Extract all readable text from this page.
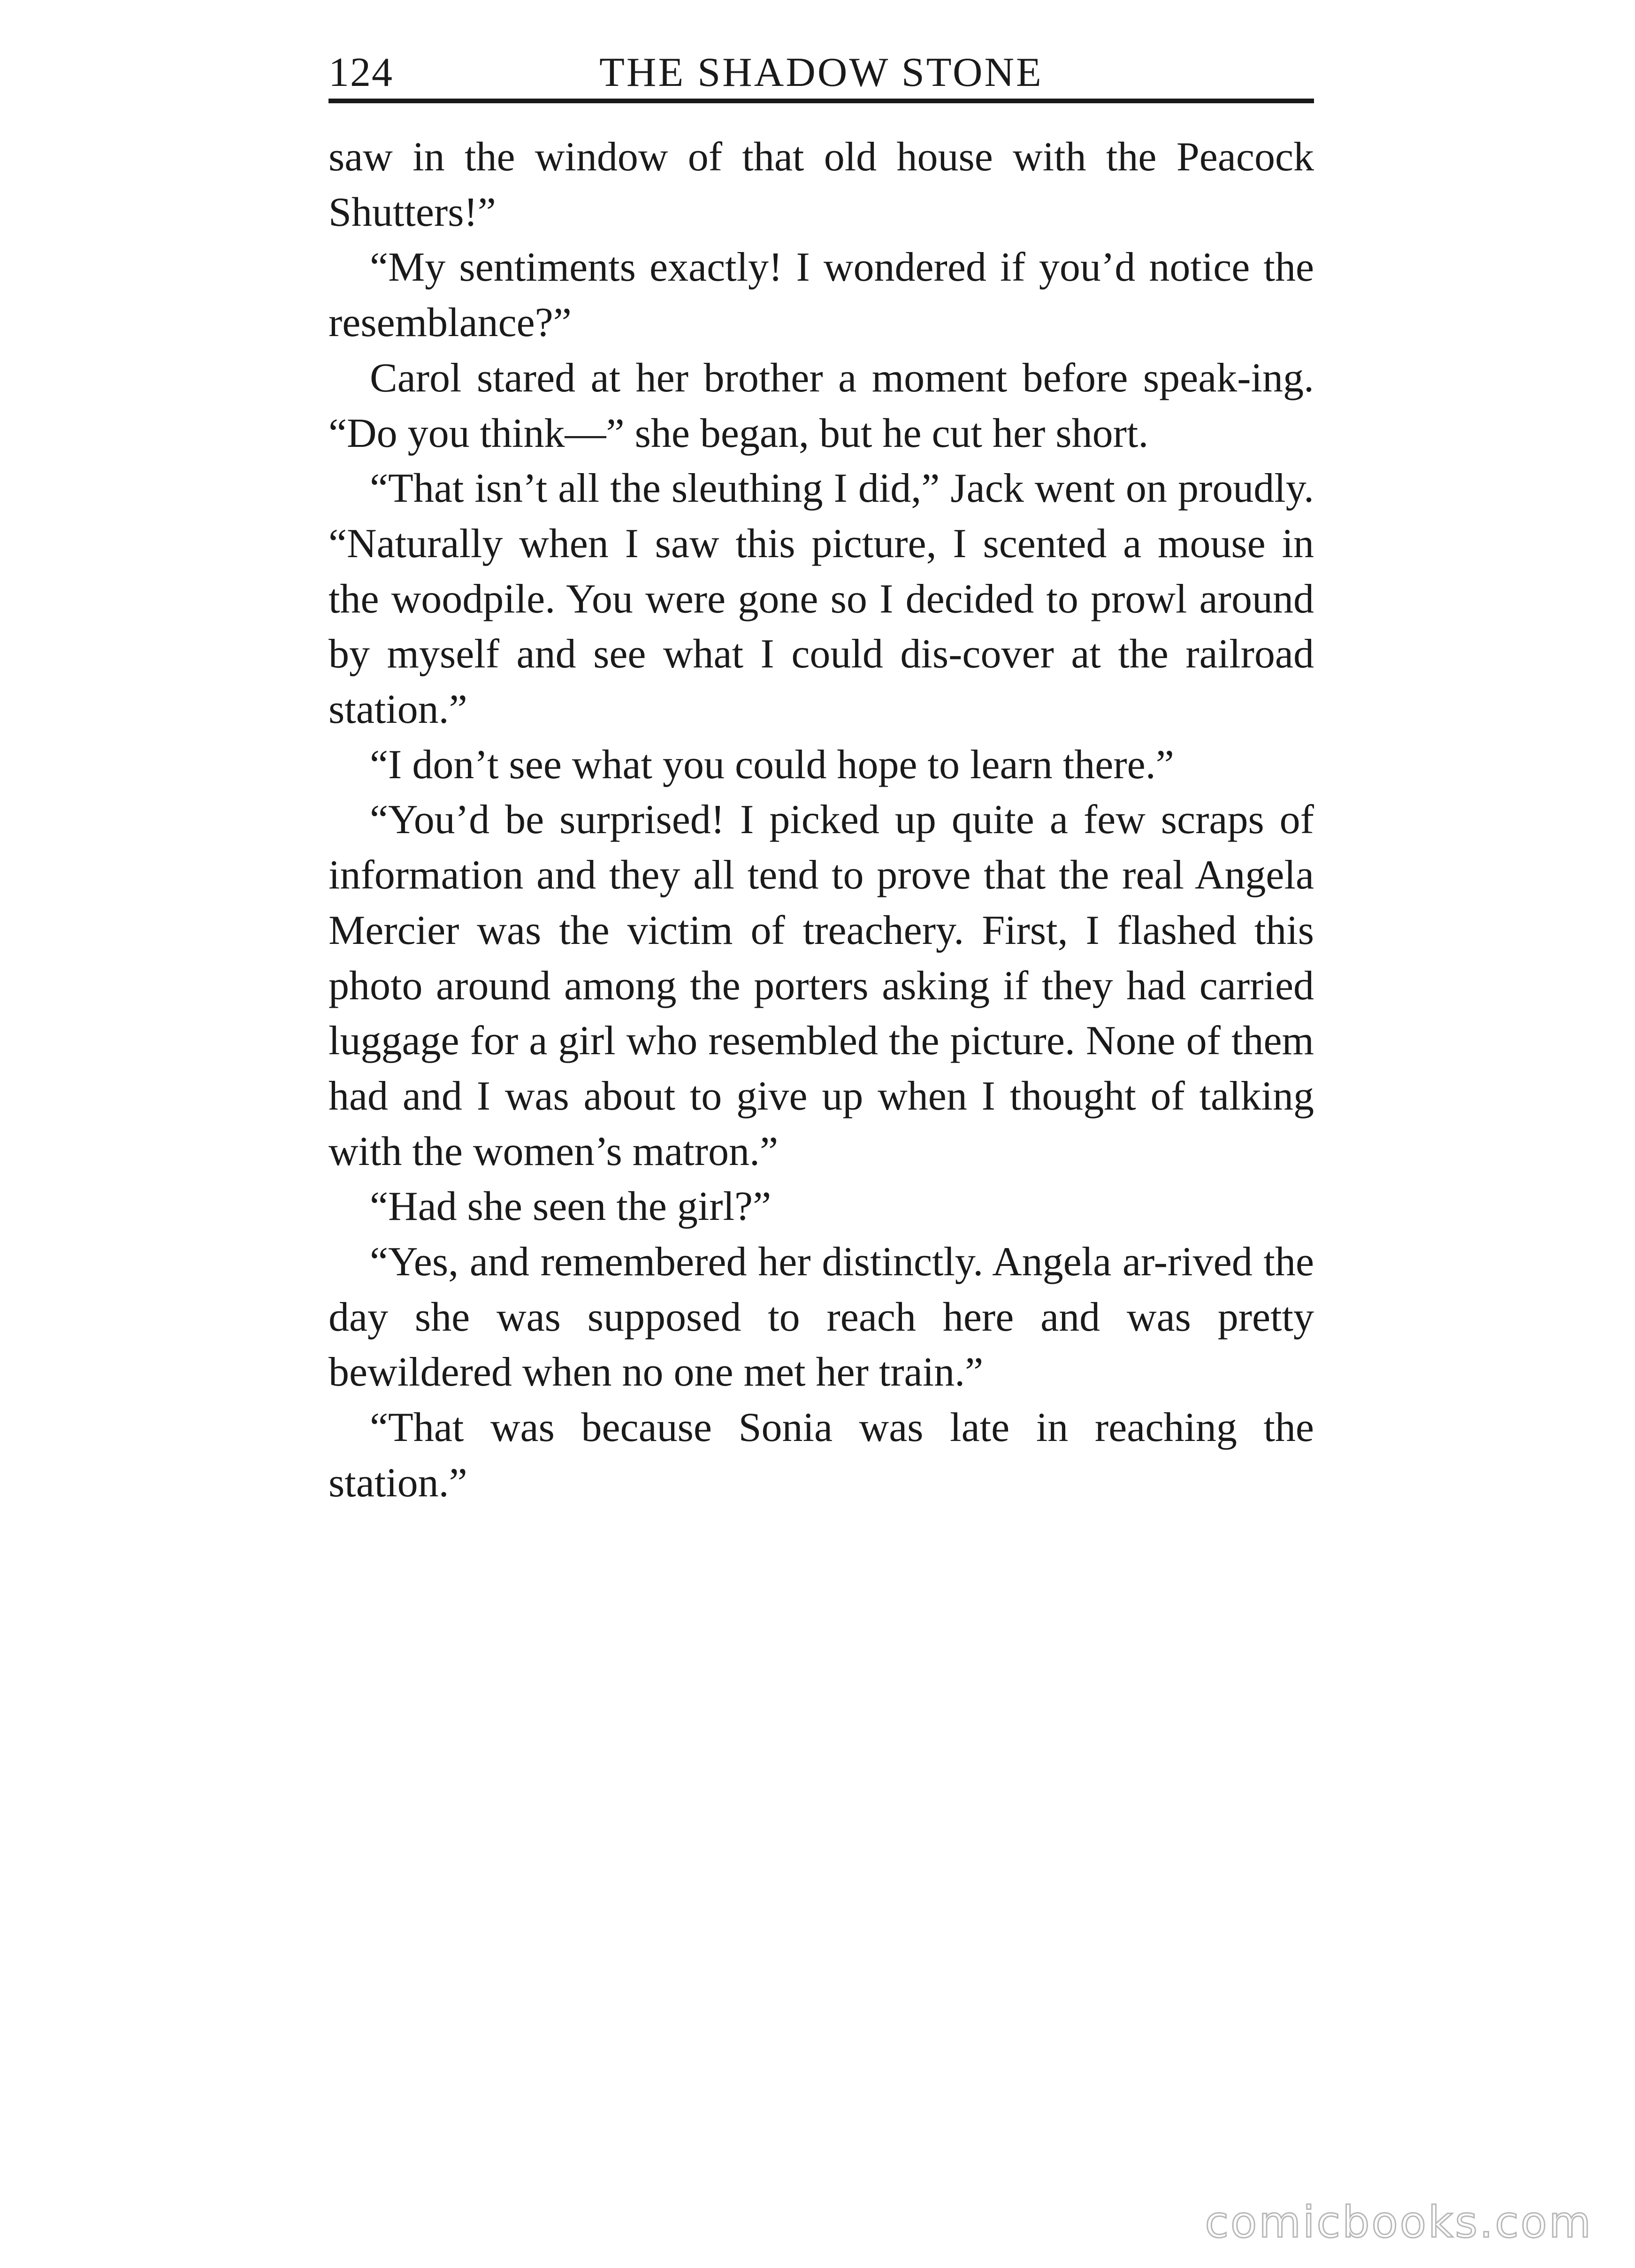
124	THE SHADOW STONE

saw in the window of that old house with the Peacock Shutters!”

“My sentiments exactly! I wondered if you’d notice the resemblance?”

Carol stared at her brother a moment before speak-ing. “Do you think—” she began, but he cut her short.

“That isn’t all the sleuthing I did,” Jack went on proudly. “Naturally when I saw this picture, I scented a mouse in the woodpile. You were gone so I decided to prowl around by myself and see what I could dis-cover at the railroad station.”

“I don’t see what you could hope to learn there.”

“You’d be surprised! I picked up quite a few scraps of information and they all tend to prove that the real Angela Mercier was the victim of treachery. First, I flashed this photo around among the porters asking if they had carried luggage for a girl who resembled the picture. None of them had and I was about to give up when I thought of talking with the women’s matron.”

“Had she seen the girl?”

“Yes, and remembered her distinctly. Angela ar-rived the day she was supposed to reach here and was pretty bewildered when no one met her train.”

“That was because Sonia was late in reaching the station.”

comicbooks.com
